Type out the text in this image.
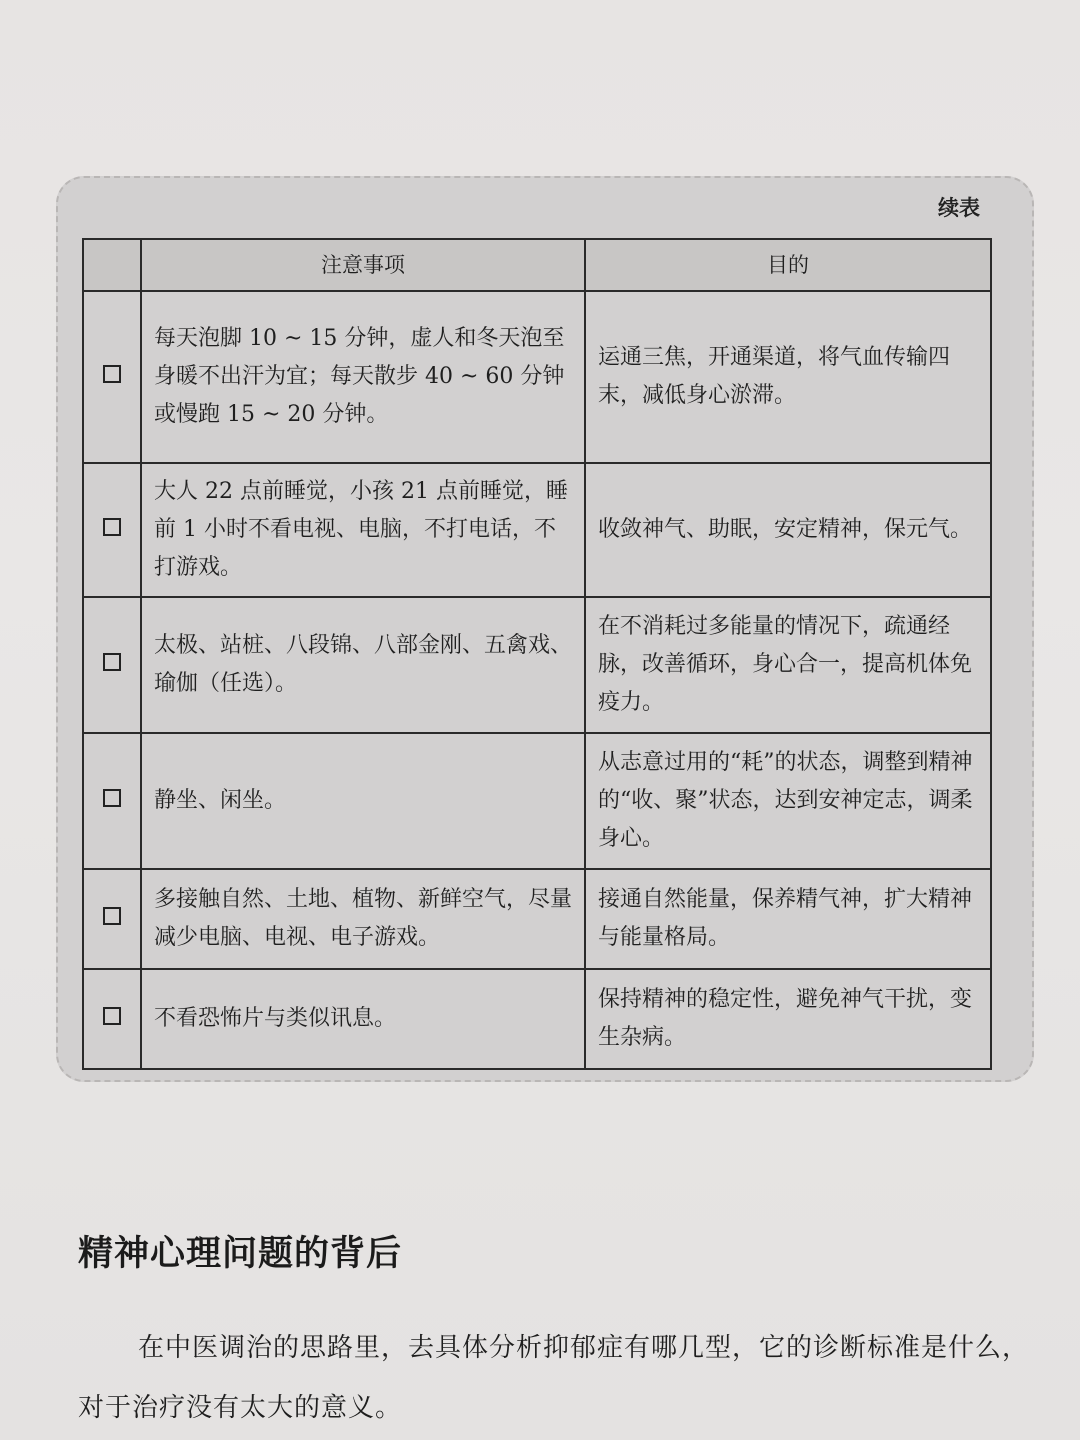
续表
	注意事项	目的
	每天泡脚 10 ~ 15 分钟，虚人和冬天泡至身暖不出汗为宜；每天散步 40 ~ 60 分钟或慢跑 15 ~ 20 分钟。	运通三焦，开通渠道，将气血传输四末，减低身心淤滞。
	大人 22 点前睡觉，小孩 21 点前睡觉，睡前 1 小时不看电视、电脑，不打电话，不打游戏。	收敛神气、助眠，安定精神，保元气。
	太极、站桩、八段锦、八部金刚、五禽戏、瑜伽（任选）。	在不消耗过多能量的情况下，疏通经脉，改善循环，身心合一，提高机体免疫力。
	静坐、闲坐。	从志意过用的“耗”的状态，调整到精神的“收、聚”状态，达到安神定志，调柔身心。
	多接触自然、土地、植物、新鲜空气，尽量减少电脑、电视、电子游戏。	接通自然能量，保养精气神，扩大精神与能量格局。
	不看恐怖片与类似讯息。	保持精神的稳定性，避免神气干扰，变生杂病。
精神心理问题的背后

在中医调治的思路里，去具体分析抑郁症有哪几型，它的诊断标准是什么，对于治疗没有太大的意义。
